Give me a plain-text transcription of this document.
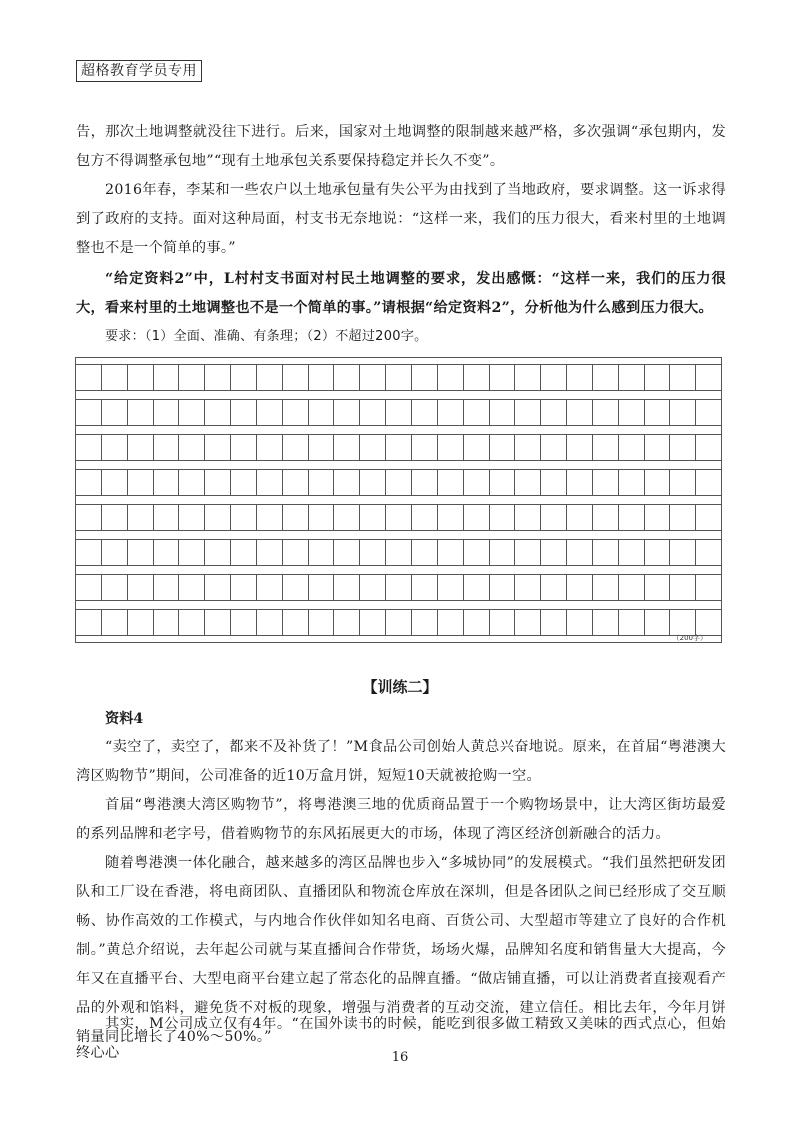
超格教育学员专用
告，那次土地调整就没往下进行。后来，国家对土地调整的限制越来越严格，多次强调“承包期内，发包方不得调整承包地”“现有土地承包关系要保持稳定并长久不变”。
2016年春，李某和一些农户以土地承包量有失公平为由找到了当地政府，要求调整。这一诉求得到了政府的支持。面对这种局面，村支书无奈地说：“这样一来，我们的压力很大，看来村里的土地调整也不是一个简单的事。”
“给定资料2”中，L村村支书面对村民土地调整的要求，发出感慨：“这样一来，我们的压力很大，看来村里的土地调整也不是一个简单的事。”请根据“给定资料2”，分析他为什么感到压力很大。
要求：（1）全面、准确、有条理；（2）不超过200字。
（200字）
【训练二】
资料4
“卖空了，卖空了，都来不及补货了！”M食品公司创始人黄总兴奋地说。原来，在首届“粤港澳大湾区购物节”期间，公司准备的近10万盒月饼，短短10天就被抢购一空。
首届“粤港澳大湾区购物节”，将粤港澳三地的优质商品置于一个购物场景中，让大湾区街坊最爱的系列品牌和老字号，借着购物节的东风拓展更大的市场，体现了湾区经济创新融合的活力。
随着粤港澳一体化融合，越来越多的湾区品牌也步入“多城协同”的发展模式。“我们虽然把研发团队和工厂设在香港，将电商团队、直播团队和物流仓库放在深圳，但是各团队之间已经形成了交互顺畅、协作高效的工作模式，与内地合作伙伴如知名电商、百货公司、大型超市等建立了良好的合作机制。”黄总介绍说，去年起公司就与某直播间合作带货，场场火爆，品牌知名度和销售量大大提高，今年又在直播平台、大型电商平台建立起了常态化的品牌直播。“做店铺直播，可以让消费者直接观看产品的外观和馅料，避免货不对板的现象，增强与消费者的互动交流，建立信任。相比去年，今年月饼销量同比增长了40%～50%。”
其实，M公司成立仅有4年。“在国外读书的时候，能吃到很多做工精致又美味的西式点心，但始终心心	16
